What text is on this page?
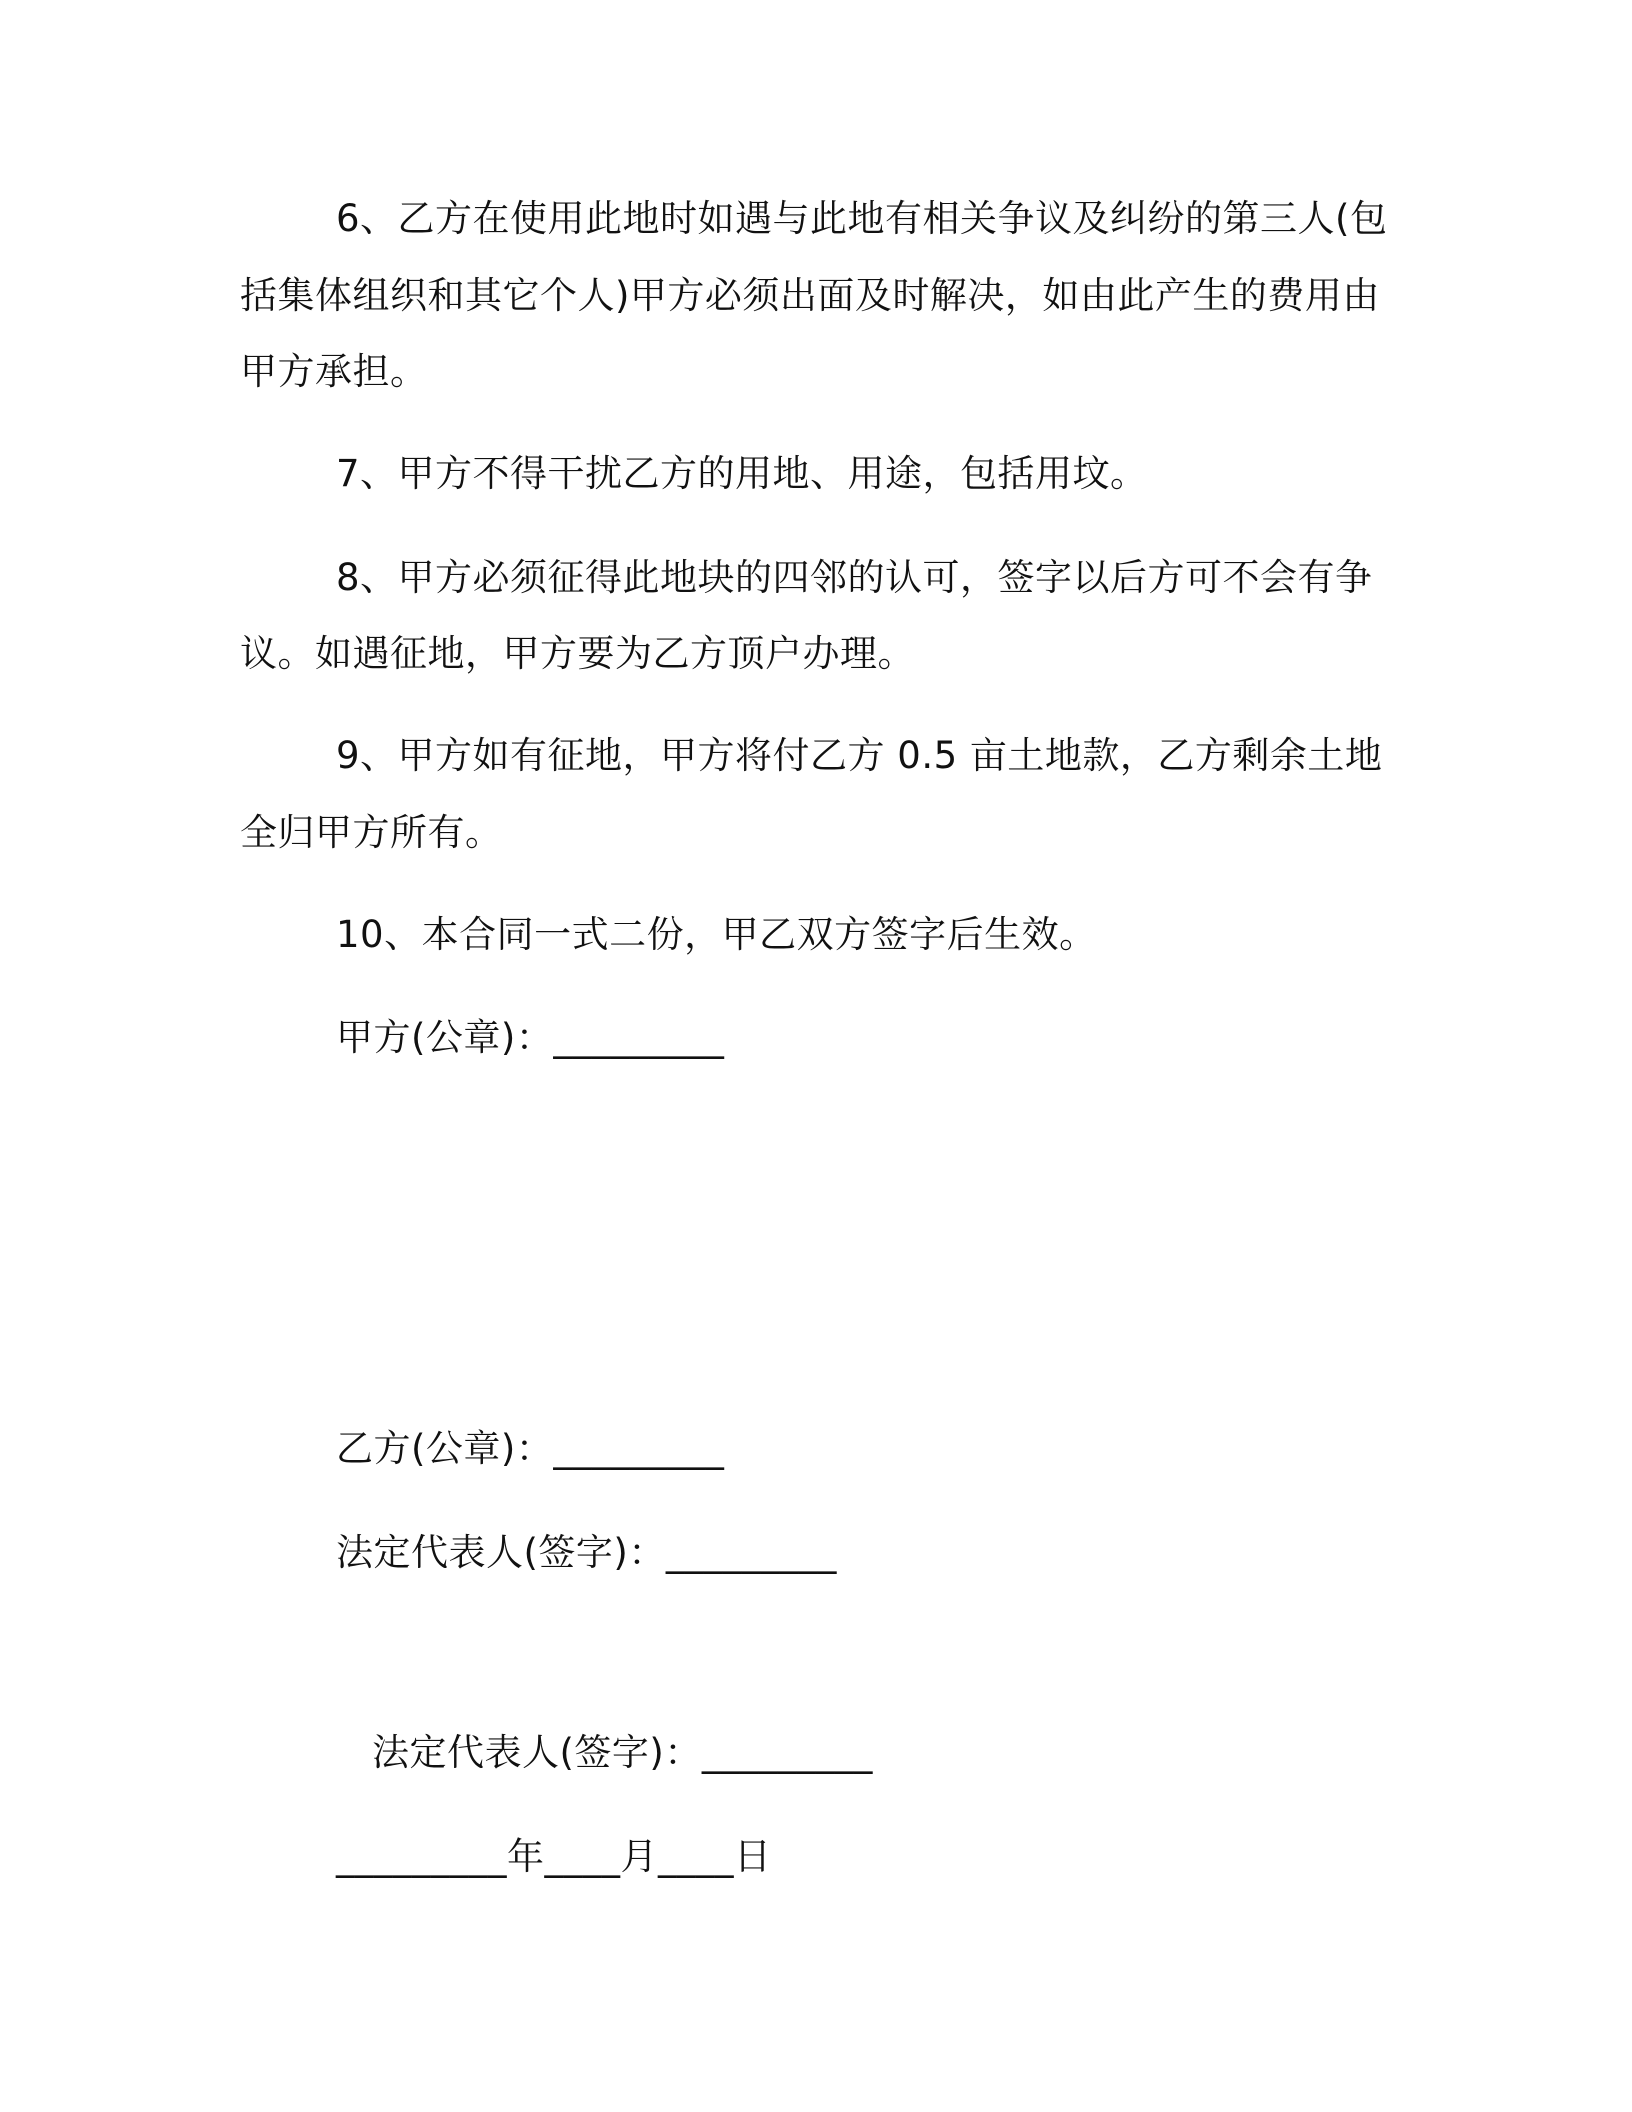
6、乙方在使用此地时如遇与此地有相关争议及纠纷的第三人(包
括集体组织和其它个人)甲方必须出面及时解决，如由此产生的费用由
甲方承担。
7、甲方不得干扰乙方的用地、用途，包括用坟。
8、甲方必须征得此地块的四邻的认可，签字以后方可不会有争
议。如遇征地，甲方要为乙方顶户办理。
9、甲方如有征地，甲方将付乙方 0.5 亩土地款，乙方剩余土地
全归甲方所有。
10、本合同一式二份，甲乙双方签字后生效。
甲方(公章)：_________
乙方(公章)：_________
法定代表人(签字)：_________
法定代表人(签字)：_________
_________年____月____日
